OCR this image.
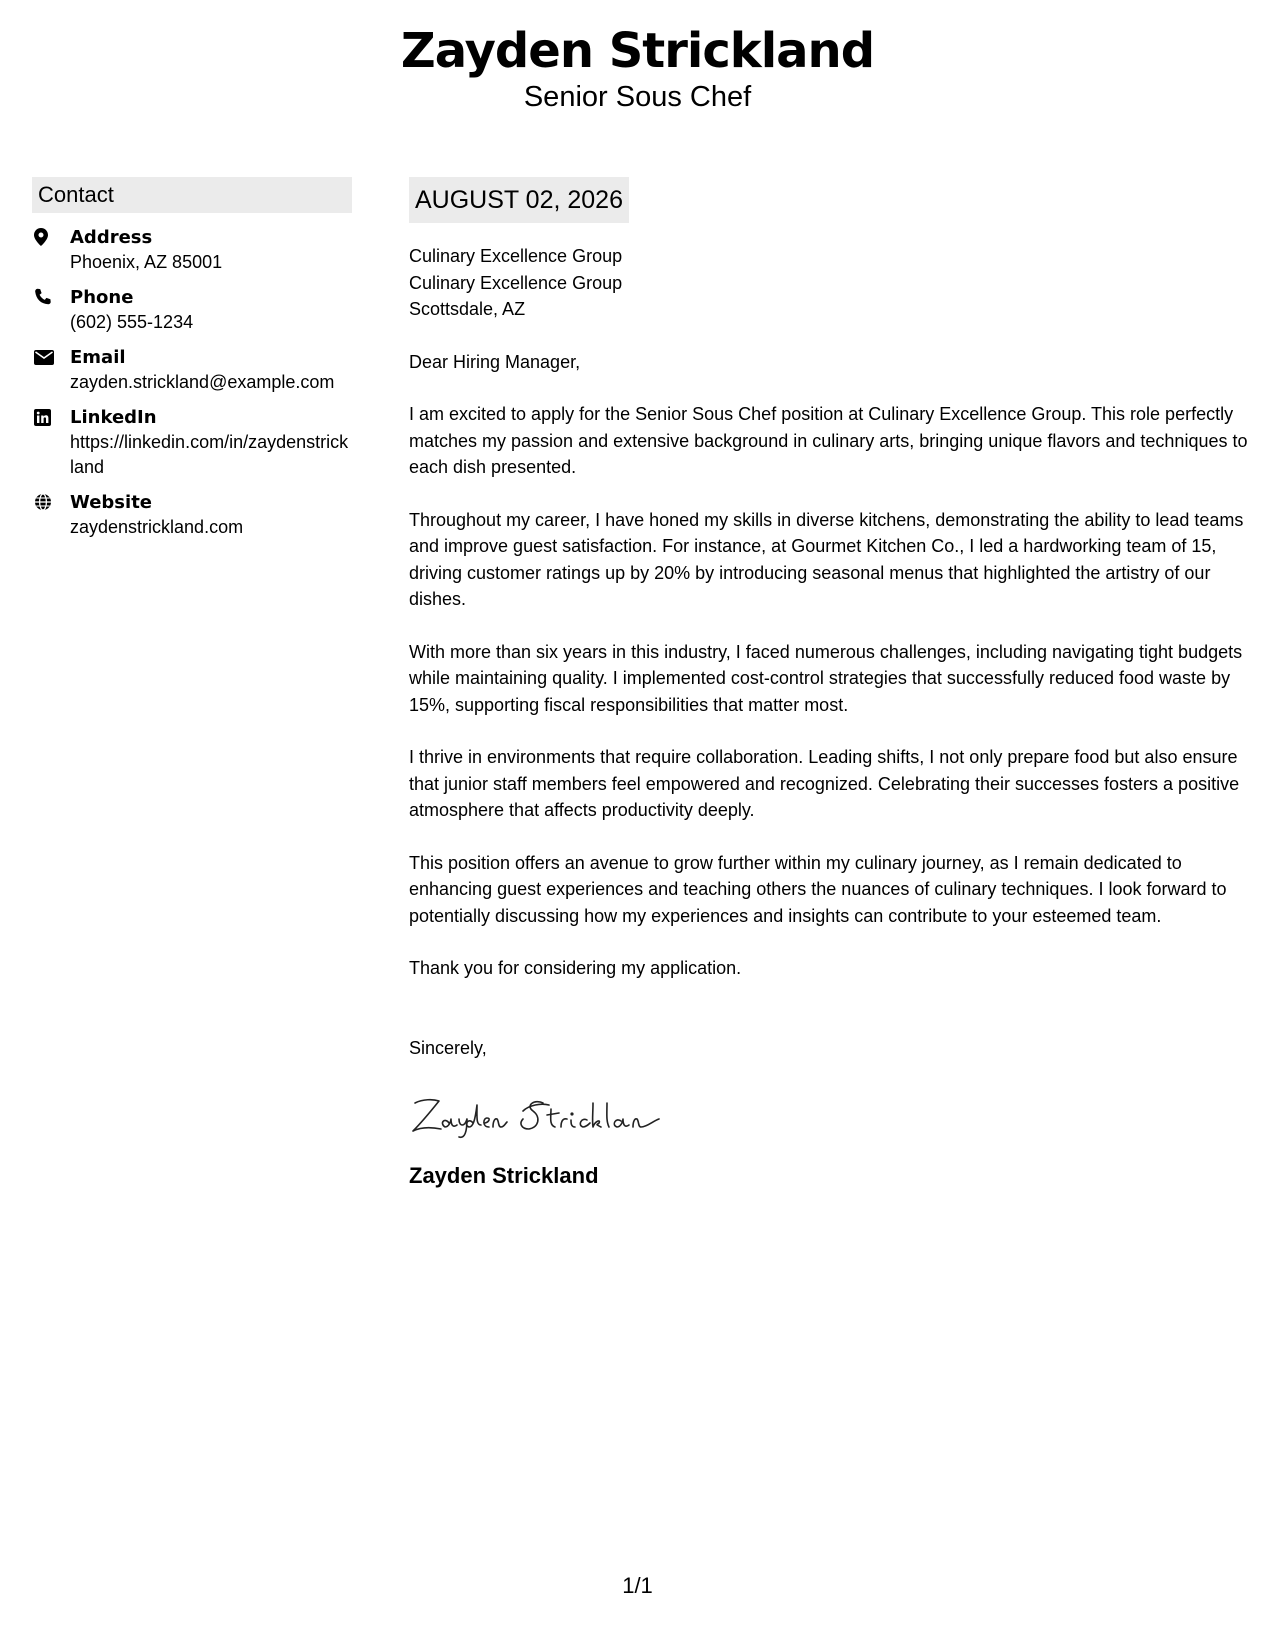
Zayden Strickland
Senior Sous Chef
Contact
Address
Phoenix, AZ 85001
Phone
(602) 555-1234
Email
zayden.strickland@example.com
LinkedIn
https://linkedin.com/in/zaydenstrickland
Website
zaydenstrickland.com
AUGUST 02, 2026
Culinary Excellence Group
Culinary Excellence Group
Scottsdale, AZ
Dear Hiring Manager,
I am excited to apply for the Senior Sous Chef position at Culinary Excellence Group. This role perfectly matches my passion and extensive background in culinary arts, bringing unique flavors and techniques to each dish presented.
Throughout my career, I have honed my skills in diverse kitchens, demonstrating the ability to lead teams and improve guest satisfaction. For instance, at Gourmet Kitchen Co., I led a hardworking team of 15, driving customer ratings up by 20% by introducing seasonal menus that highlighted the artistry of our dishes.
With more than six years in this industry, I faced numerous challenges, including navigating tight budgets while maintaining quality. I implemented cost-control strategies that successfully reduced food waste by 15%, supporting fiscal responsibilities that matter most.
I thrive in environments that require collaboration. Leading shifts, I not only prepare food but also ensure that junior staff members feel empowered and recognized. Celebrating their successes fosters a positive atmosphere that affects productivity deeply.
This position offers an avenue to grow further within my culinary journey, as I remain dedicated to enhancing guest experiences and teaching others the nuances of culinary techniques. I look forward to potentially discussing how my experiences and insights can contribute to your esteemed team.
Thank you for considering my application.
Sincerely,
Zayden Strickland
1/1
